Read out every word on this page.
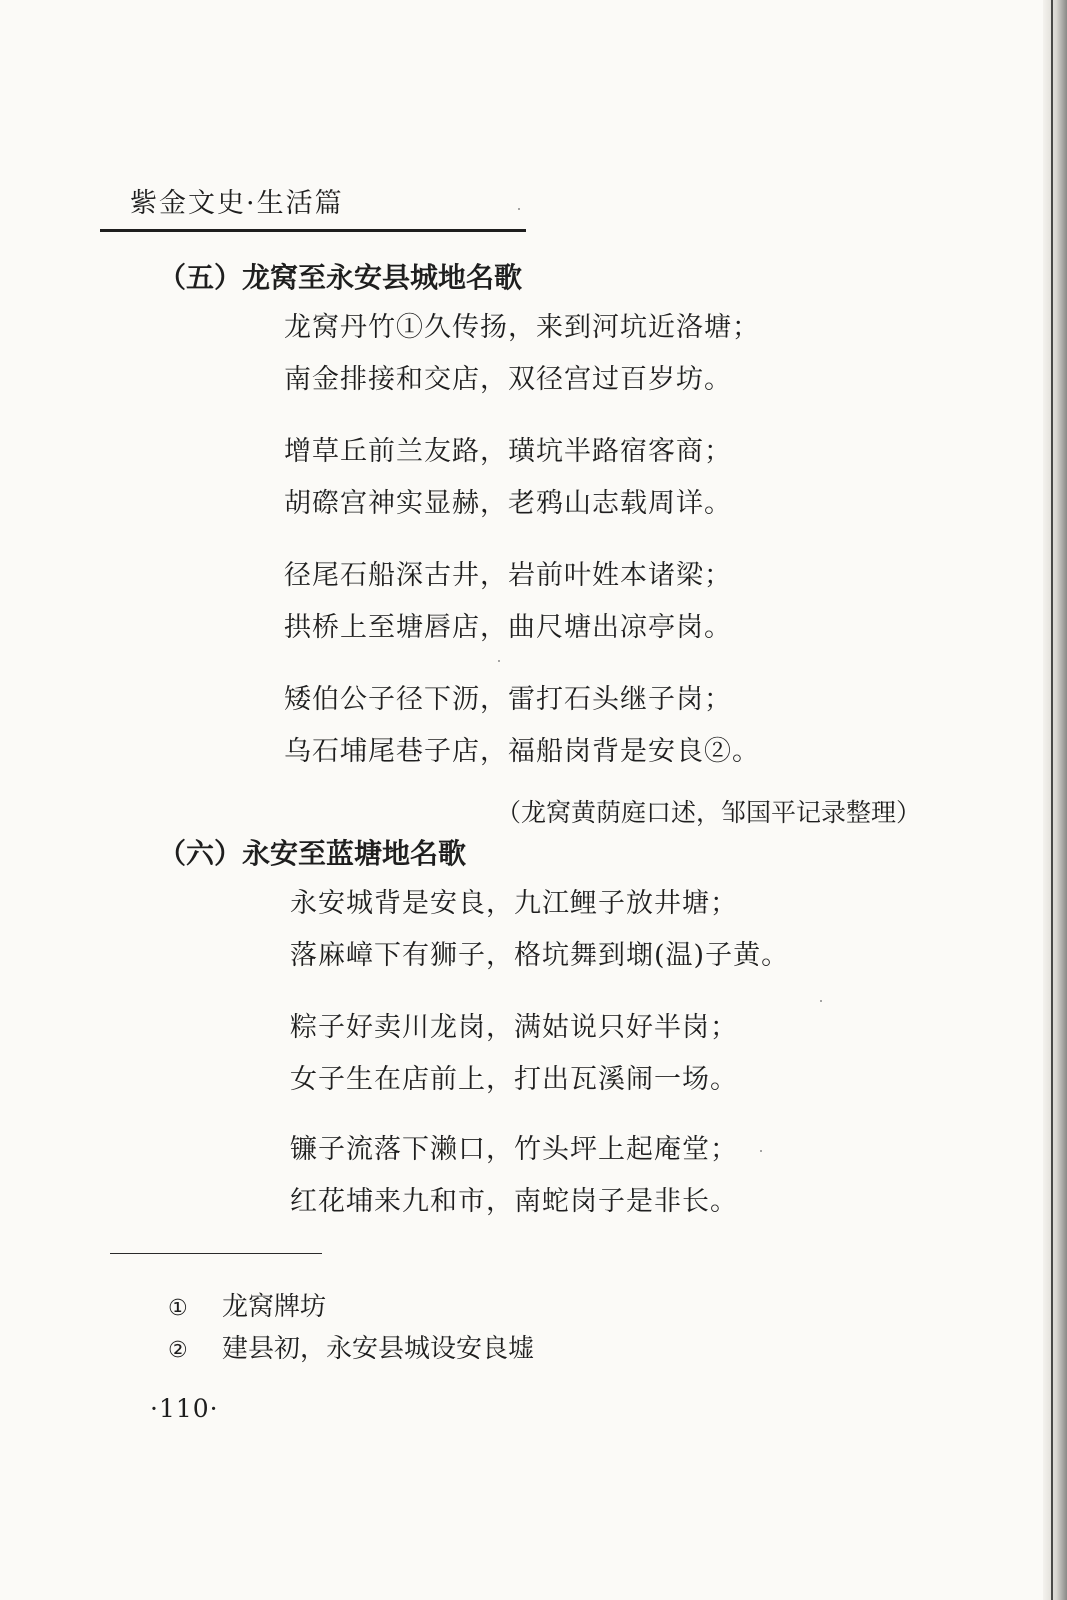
紫金文史·生活篇
（五）龙窝至永安县城地名歌
龙窝丹竹①久传扬，来到河坑近洛塘；
南金排接和交店，双径宫过百岁坊。
增草丘前兰友路，璜坑半路宿客商；
胡磜宫神实显赫，老鸦山志载周详。
径尾石船深古井，岩前叶姓本诸梁；
拱桥上至塘唇店，曲尺塘出凉亭岗。
矮伯公子径下沥，雷打石头继子岗；
乌石埔尾巷子店，福船岗背是安良②。
（龙窝黄荫庭口述，邹国平记录整理）
（六）永安至蓝塘地名歌
永安城背是安良，九江鲤子放井塘；
落麻嶂下有狮子，格坑舞到㙟(温)子黄。
粽子好卖川龙岗，满姑说只好半岗；
女子生在店前上，打出瓦溪闹一场。
镰子流落下濑口，竹头坪上起庵堂；
红花埔来九和市，南蛇岗子是非长。
① 龙窝牌坊
② 建县初，永安县城设安良墟
·110·
